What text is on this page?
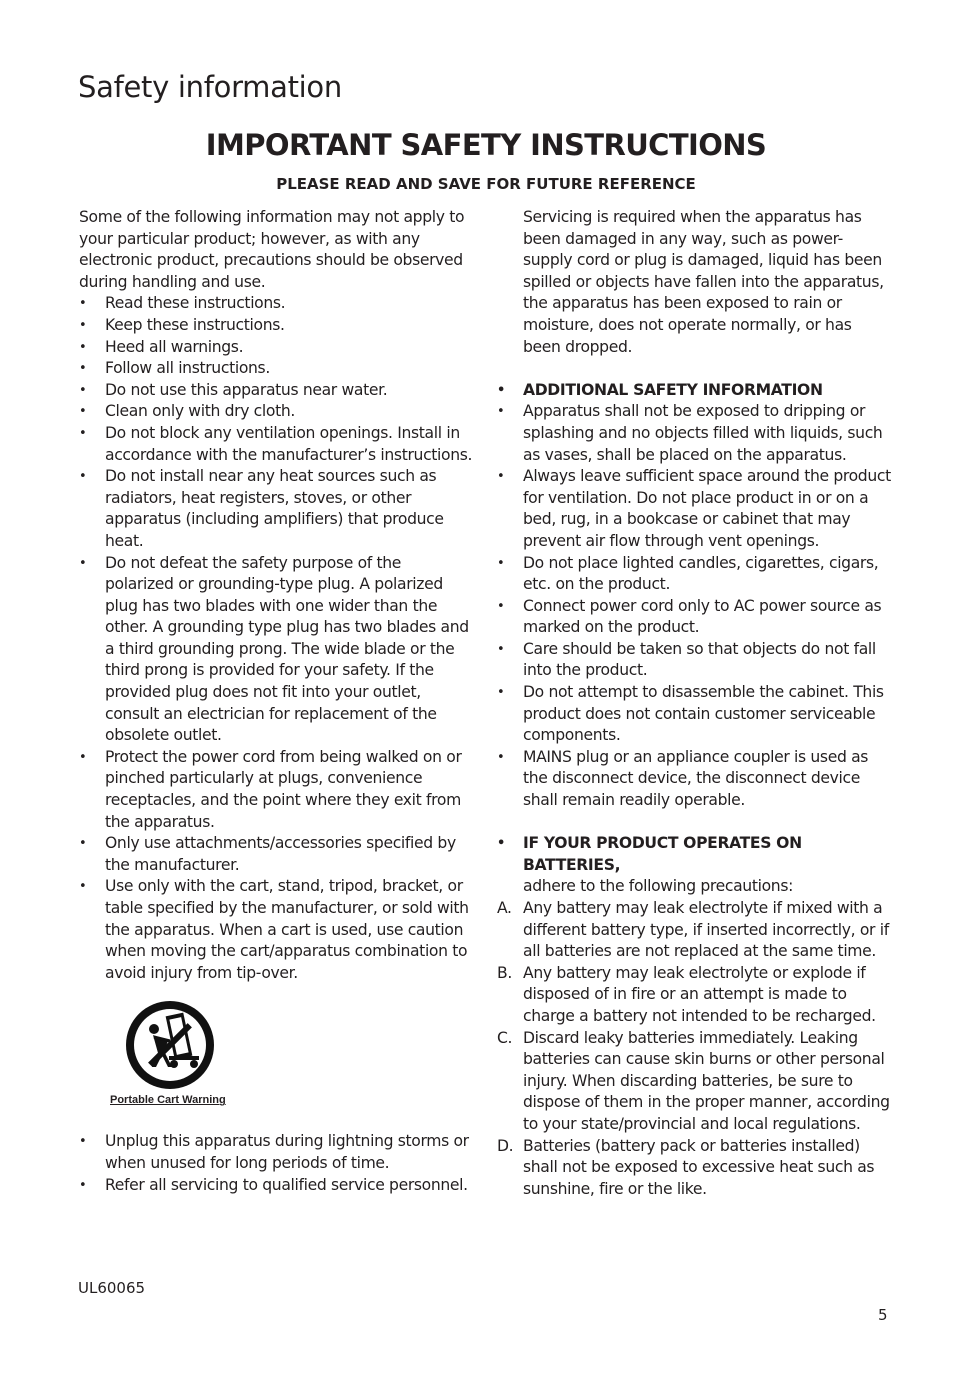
Safety information
IMPORTANT SAFETY INSTRUCTIONS
PLEASE READ AND SAVE FOR FUTURE REFERENCE

Some of the following information may not apply to your particular product; however, as with any electronic product, precautions should be observed during handling and use.

• Read these instructions.
• Keep these instructions.
• Heed all warnings.
• Follow all instructions.
• Do not use this apparatus near water.
• Clean only with dry cloth.
• Do not block any ventilation openings. Install in accordance with the manufacturer’s instructions.
• Do not install near any heat sources such as radiators, heat registers, stoves, or other apparatus (including amplifiers) that produce heat.
• Do not defeat the safety purpose of the polarized or grounding-type plug. A polarized plug has two blades with one wider than the other. A grounding type plug has two blades and a third grounding prong. The wide blade or the third prong is provided for your safety. If the provided plug does not fit into your outlet, consult an electrician for replacement of the obsolete outlet.
• Protect the power cord from being walked on or pinched particularly at plugs, convenience receptacles, and the point where they exit from the apparatus.
• Only use attachments/accessories specified by the manufacturer.
• Use only with the cart, stand, tripod, bracket, or table specified by the manufacturer, or sold with the apparatus. When a cart is used, use caution when moving the cart/apparatus combination to avoid injury from tip-over.
Portable Cart Warning
• Unplug this apparatus during lightning storms or when unused for long periods of time.
• Refer all servicing to qualified service personnel.

Servicing is required when the apparatus has been damaged in any way, such as power-supply cord or plug is damaged, liquid has been spilled or objects have fallen into the apparatus, the apparatus has been exposed to rain or moisture, does not operate normally, or has been dropped.

• ADDITIONAL SAFETY INFORMATION
• Apparatus shall not be exposed to dripping or splashing and no objects filled with liquids, such as vases, shall be placed on the apparatus.
• Always leave sufficient space around the product for ventilation. Do not place product in or on a bed, rug, in a bookcase or cabinet that may prevent air flow through vent openings.
• Do not place lighted candles, cigarettes, cigars, etc. on the product.
• Connect power cord only to AC power source as marked on the product.
• Care should be taken so that objects do not fall into the product.
• Do not attempt to disassemble the cabinet. This product does not contain customer serviceable components.
• MAINS plug or an appliance coupler is used as the disconnect device, the disconnect device shall remain readily operable.
• IF YOUR PRODUCT OPERATES ON BATTERIES,
adhere to the following precautions:
A. Any battery may leak electrolyte if mixed with a different battery type, if inserted incorrectly, or if all batteries are not replaced at the same time.
B. Any battery may leak electrolyte or explode if disposed of in fire or an attempt is made to charge a battery not intended to be recharged.
C. Discard leaky batteries immediately. Leaking batteries can cause skin burns or other personal injury. When discarding batteries, be sure to dispose of them in the proper manner, according to your state/provincial and local regulations.
D. Batteries (battery pack or batteries installed) shall not be exposed to excessive heat such as sunshine, fire or the like.
UL60065
5
